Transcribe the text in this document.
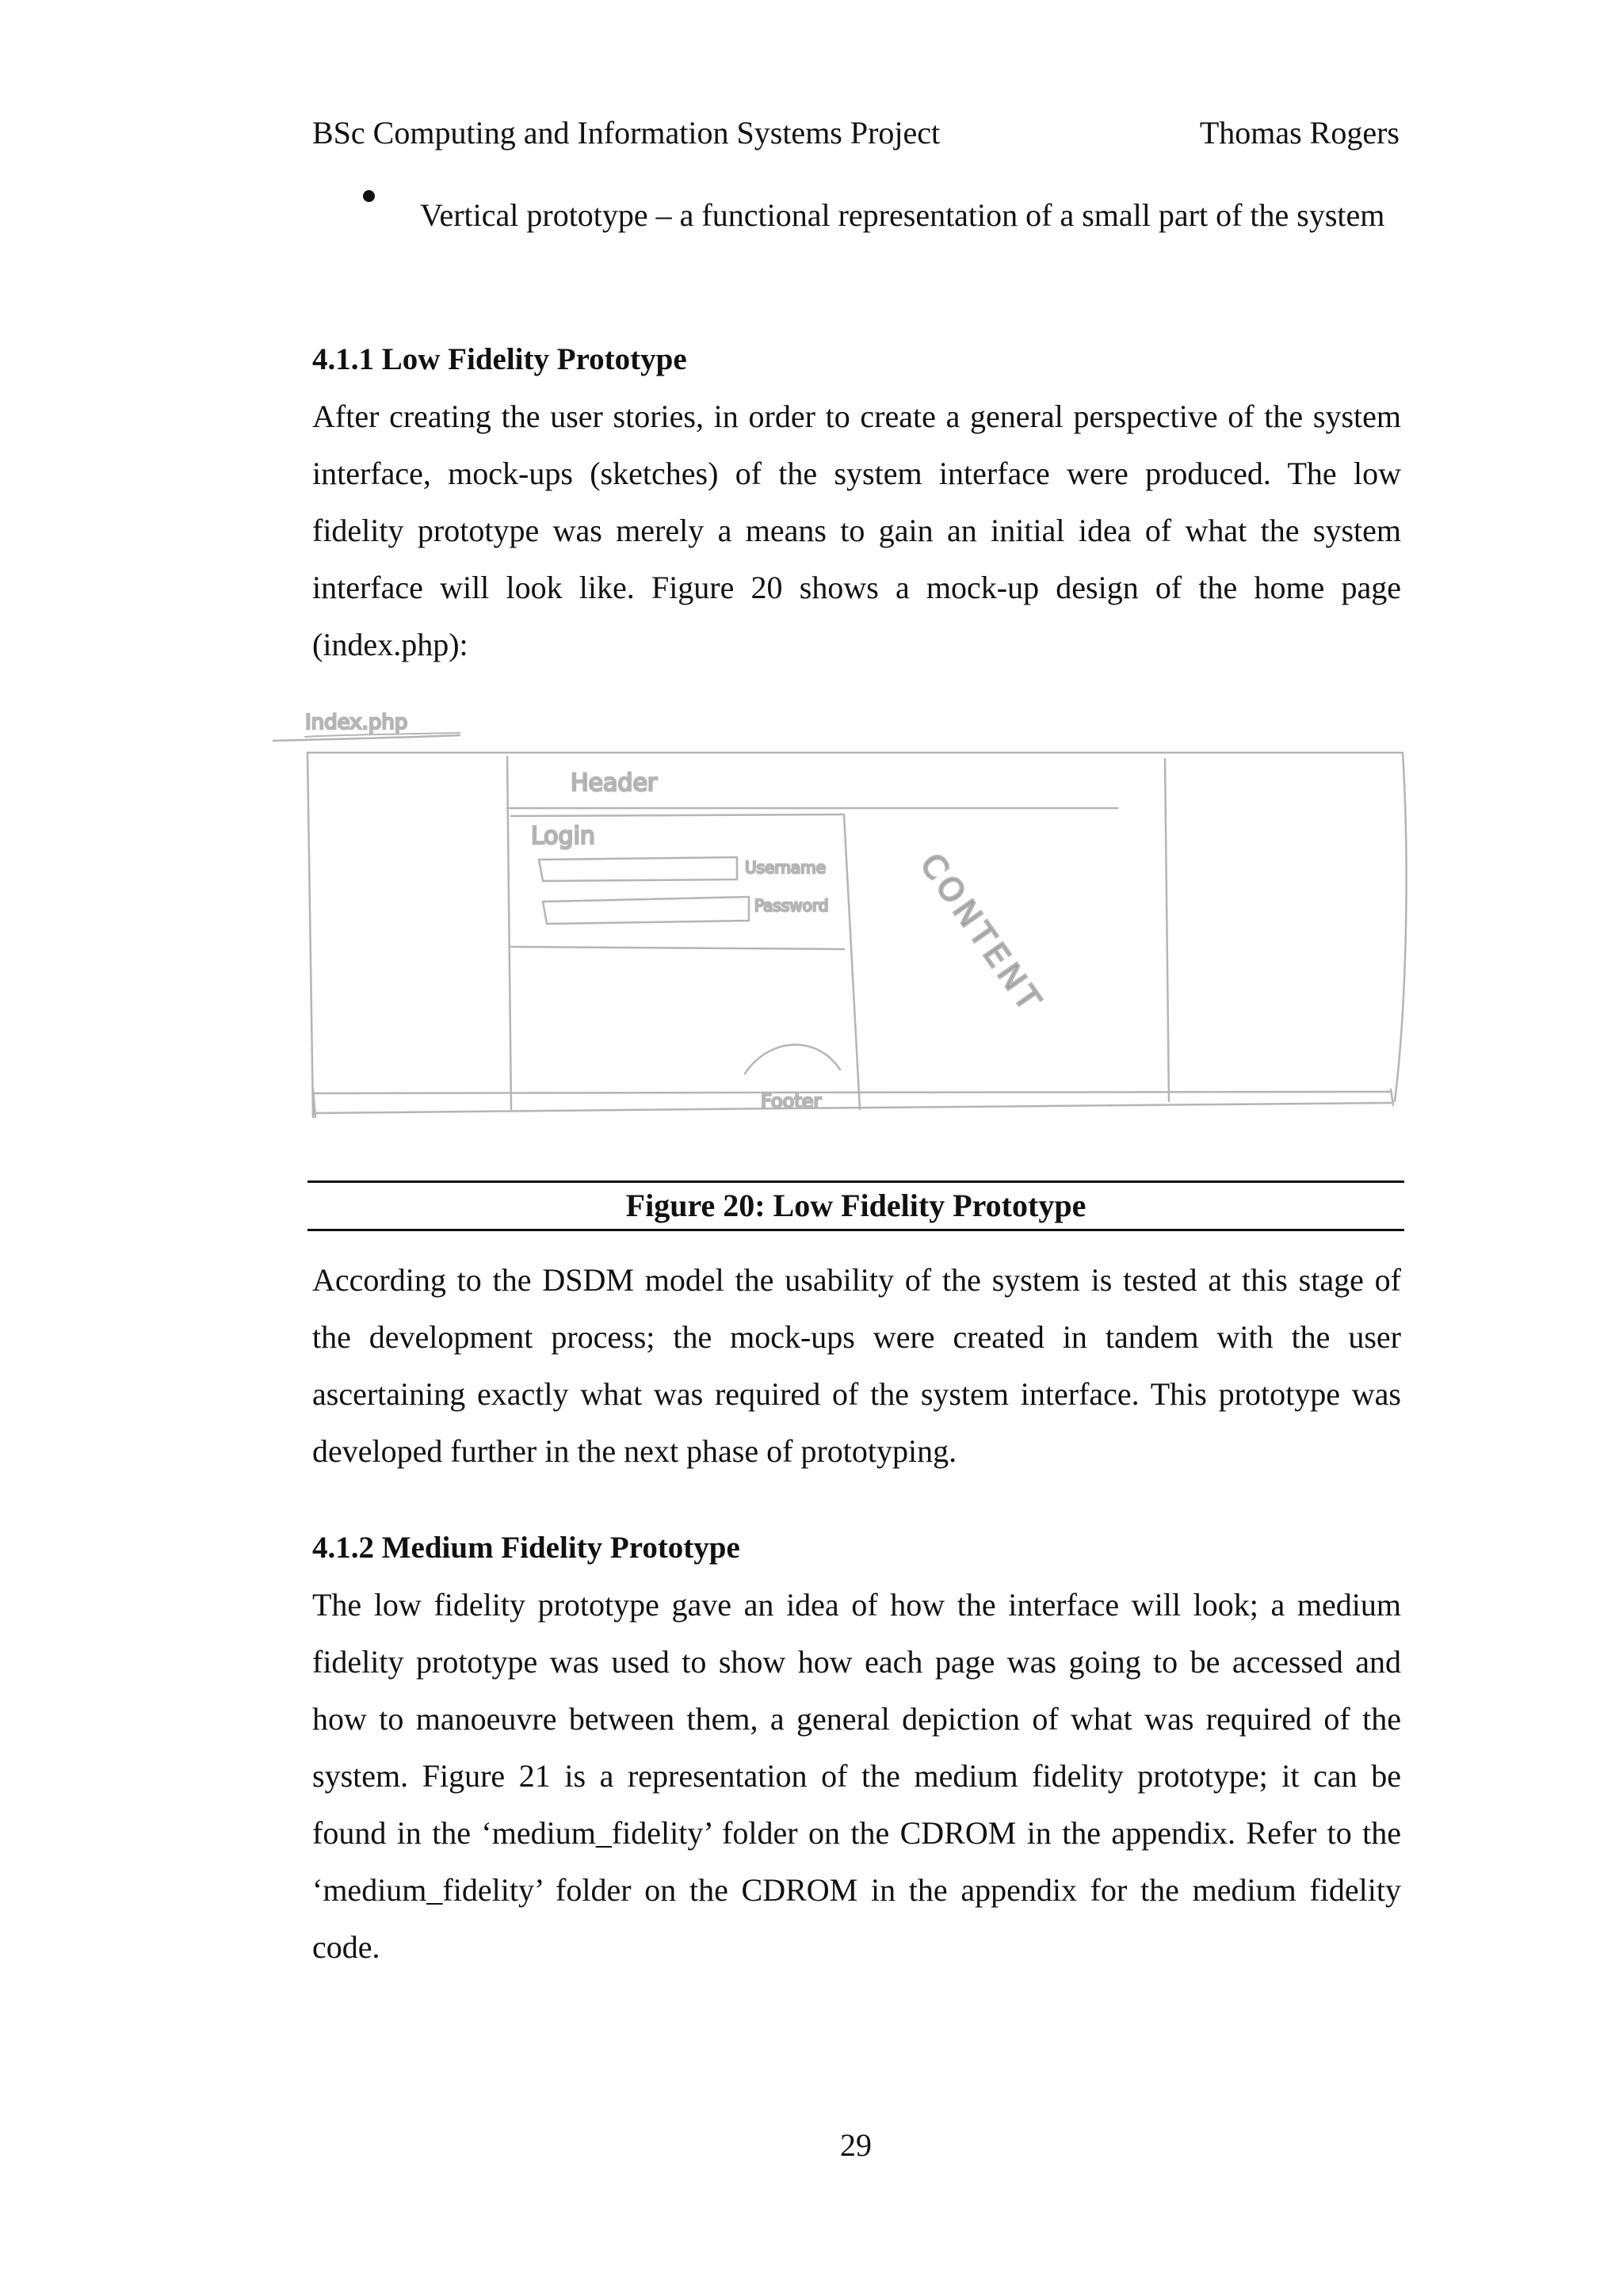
BSc Computing and Information Systems Project	Thomas Rogers
Vertical prototype – a functional representation of a small part of the system
4.1.1 Low Fidelity Prototype

After creating the user stories, in order to create a general perspective of the system interface, mock-ups (sketches) of the system interface were produced. The low fidelity prototype was merely a means to gain an initial idea of what the system interface will look like. Figure 20 shows a mock-up design of the home page (index.php):

Index.php
Header
Login
Username
Password	CONTENT
Footer
Figure 20: Low Fidelity Prototype

According to the DSDM model the usability of the system is tested at this stage of the development process; the mock-ups were created in tandem with the user ascertaining exactly what was required of the system interface. This prototype was developed further in the next phase of prototyping.

4.1.2 Medium Fidelity Prototype

The low fidelity prototype gave an idea of how the interface will look; a medium fidelity prototype was used to show how each page was going to be accessed and how to manoeuvre between them, a general depiction of what was required of the system. Figure 21 is a representation of the medium fidelity prototype; it can be found in the ‘medium_fidelity’ folder on the CDROM in the appendix. Refer to the ‘medium_fidelity’ folder on the CDROM in the appendix for the medium fidelity code.

29
